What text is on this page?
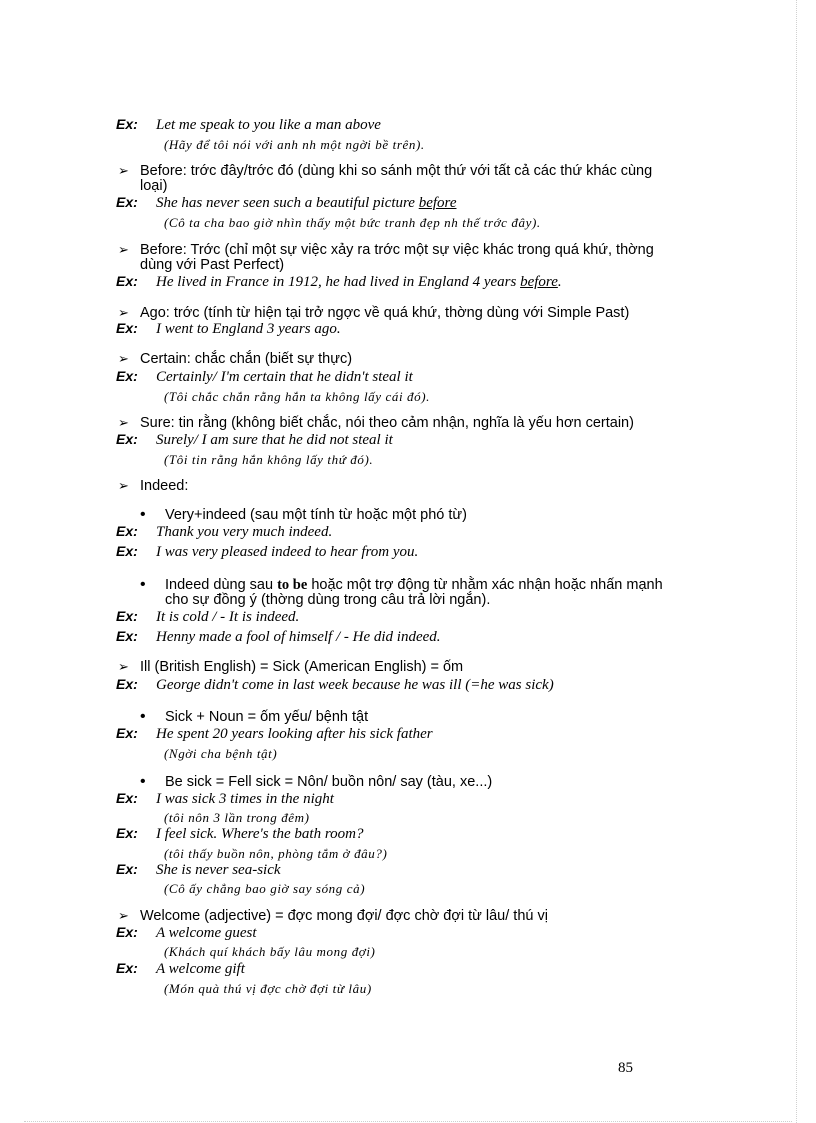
Ex: Let me speak to you like a man above
(Hãy để tôi nói với anh nh một ngời bề trên).
➢ Before: trớc đây/trớc đó (dùng khi so sánh một thứ với tất cả các thứ khác cùng
loại)
Ex: She has never seen such a beautiful picture before
(Cô ta cha bao giờ nhìn thấy một bức tranh đẹp nh thế trớc đây).
➢ Before: Trớc (chỉ một sự việc xảy ra trớc một sự việc khác trong quá khứ, thờng
dùng với Past Perfect)
Ex: He lived in France in 1912, he had lived in England 4 years before.
➢ Ago: trớc (tính từ hiện tại trở ngợc về quá khứ, thờng dùng với Simple Past)
Ex: I went to England 3 years ago.
➢ Certain: chắc chắn (biết sự thực)
Ex: Certainly/ I'm certain that he didn't steal it
(Tôi chắc chắn rằng hắn ta không lấy cái đó).
➢ Sure: tin rằng (không biết chắc, nói theo cảm nhận, nghĩa là yếu hơn certain)
Ex: Surely/ I am sure that he did not steal it
(Tôi tin rằng hắn không lấy thứ đó).
➢ Indeed:
• Very+indeed (sau một tính từ hoặc một phó từ)
Ex: Thank you very much indeed.
Ex: I was very pleased indeed to hear from you.
• Indeed dùng sau to be hoặc một trợ động từ nhằm xác nhận hoặc nhấn mạnh
cho sự đồng ý (thờng dùng trong câu trả lời ngắn).
Ex: It is cold / - It is indeed.
Ex: Henny made a fool of himself / - He did indeed.
➢ Ill (British English) = Sick (American English) = ốm
Ex: George didn't come in last week because he was ill (=he was sick)
• Sick + Noun = ốm yếu/ bệnh tật
Ex: He spent 20 years looking after his sick father
(Ngời cha bệnh tật)
• Be sick = Fell sick = Nôn/ buồn nôn/ say (tàu, xe...)
Ex: I was sick 3 times in the night
(tôi nôn 3 lần trong đêm)
Ex: I feel sick. Where's the bath room?
(tôi thấy buồn nôn, phòng tắm ở đâu?)
Ex: She is never sea-sick
(Cô ấy chẳng bao giờ say sóng cả)
➢ Welcome (adjective) = đợc mong đợi/ đợc chờ đợi từ lâu/ thú vị
Ex: A welcome guest
(Khách quí khách bấy lâu mong đợi)
Ex: A welcome gift
(Món quà thú vị đợc chờ đợi từ lâu)
85
